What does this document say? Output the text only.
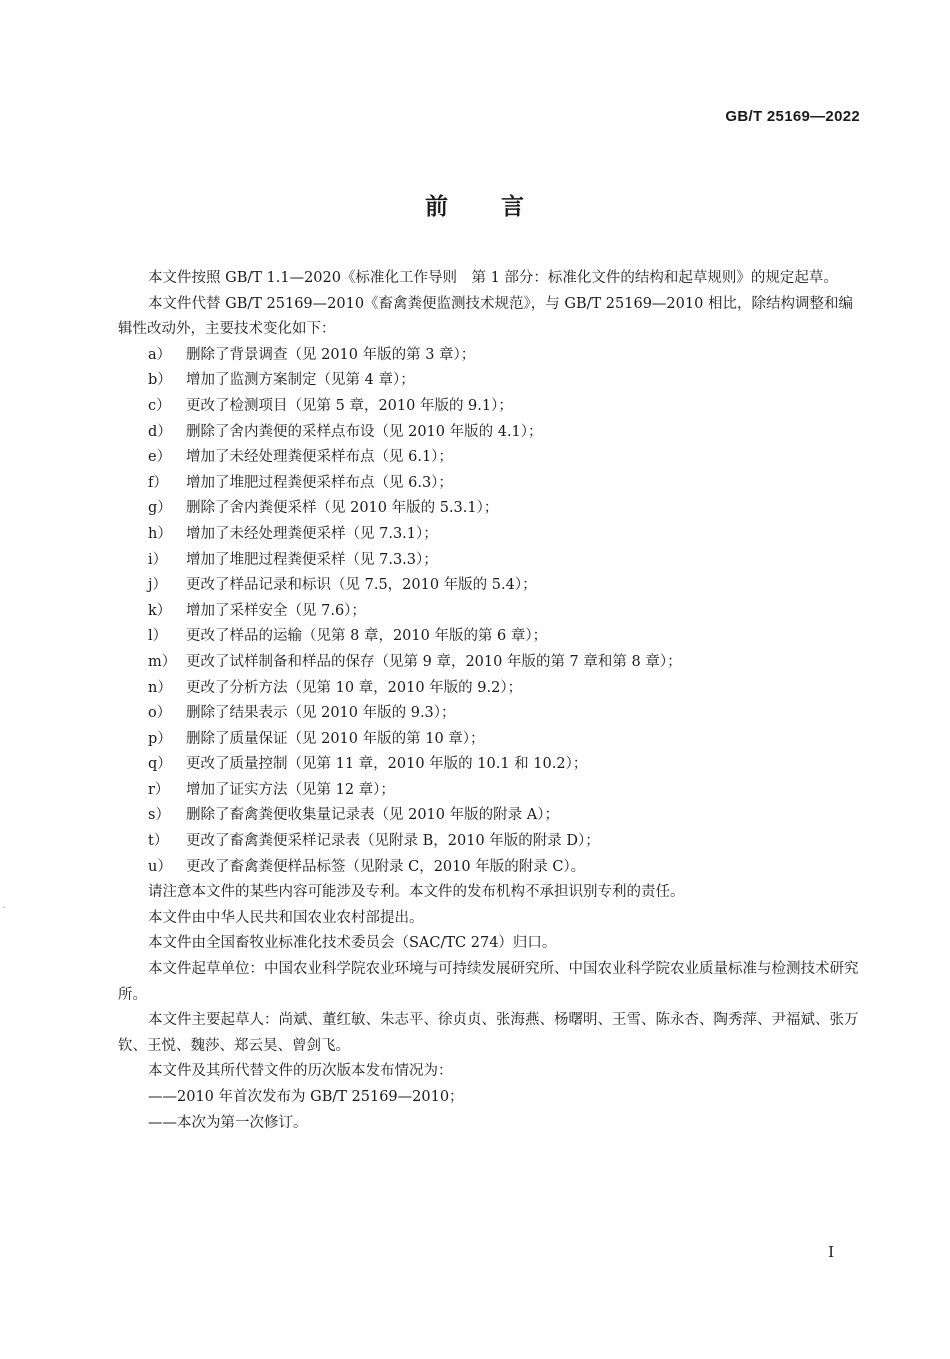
GB/T 25169—2022
前 言
-

本文件按照 GB/T 1.1—2020《标准化工作导则　第 1 部分：标准化文件的结构和起草规则》的规定起草。

本文件代替 GB/T 25169—2010《畜禽粪便监测技术规范》，与 GB/T 25169—2010 相比，除结构调整和编辑性改动外，主要技术变化如下：

a） 删除了背景调查（见 2010 年版的第 3 章）；

b） 增加了监测方案制定（见第 4 章）；

c） 更改了检测项目（见第 5 章，2010 年版的 9.1）；

d） 删除了舍内粪便的采样点布设（见 2010 年版的 4.1）；

e） 增加了未经处理粪便采样布点（见 6.1）；

f） 增加了堆肥过程粪便采样布点（见 6.3）；

g） 删除了舍内粪便采样（见 2010 年版的 5.3.1）；

h） 增加了未经处理粪便采样（见 7.3.1）；

i） 增加了堆肥过程粪便采样（见 7.3.3）；

j） 更改了样品记录和标识（见 7.5，2010 年版的 5.4）；

k） 增加了采样安全（见 7.6）；

l） 更改了样品的运输（见第 8 章，2010 年版的第 6 章）；

m） 更改了试样制备和样品的保存（见第 9 章，2010 年版的第 7 章和第 8 章）；

n） 更改了分析方法（见第 10 章，2010 年版的 9.2）；

o） 删除了结果表示（见 2010 年版的 9.3）；

p） 删除了质量保证（见 2010 年版的第 10 章）；

q） 更改了质量控制（见第 11 章，2010 年版的 10.1 和 10.2）；

r） 增加了证实方法（见第 12 章）；

s） 删除了畜禽粪便收集量记录表（见 2010 年版的附录 A）；

t） 更改了畜禽粪便采样记录表（见附录 B，2010 年版的附录 D）；

u） 更改了畜禽粪便样品标签（见附录 C，2010 年版的附录 C）。

请注意本文件的某些内容可能涉及专利。本文件的发布机构不承担识别专利的责任。

本文件由中华人民共和国农业农村部提出。

本文件由全国畜牧业标准化技术委员会（SAC/TC 274）归口。

本文件起草单位：中国农业科学院农业环境与可持续发展研究所、中国农业科学院农业质量标准与检测技术研究所。

本文件主要起草人：尚斌、董红敏、朱志平、徐贞贞、张海燕、杨曙明、王雪、陈永杏、陶秀萍、尹福斌、张万钦、王悦、魏莎、郑云昊、曾剑飞。

本文件及其所代替文件的历次版本发布情况为：

——2010 年首次发布为 GB/T 25169—2010；

——本次为第一次修订。

I
